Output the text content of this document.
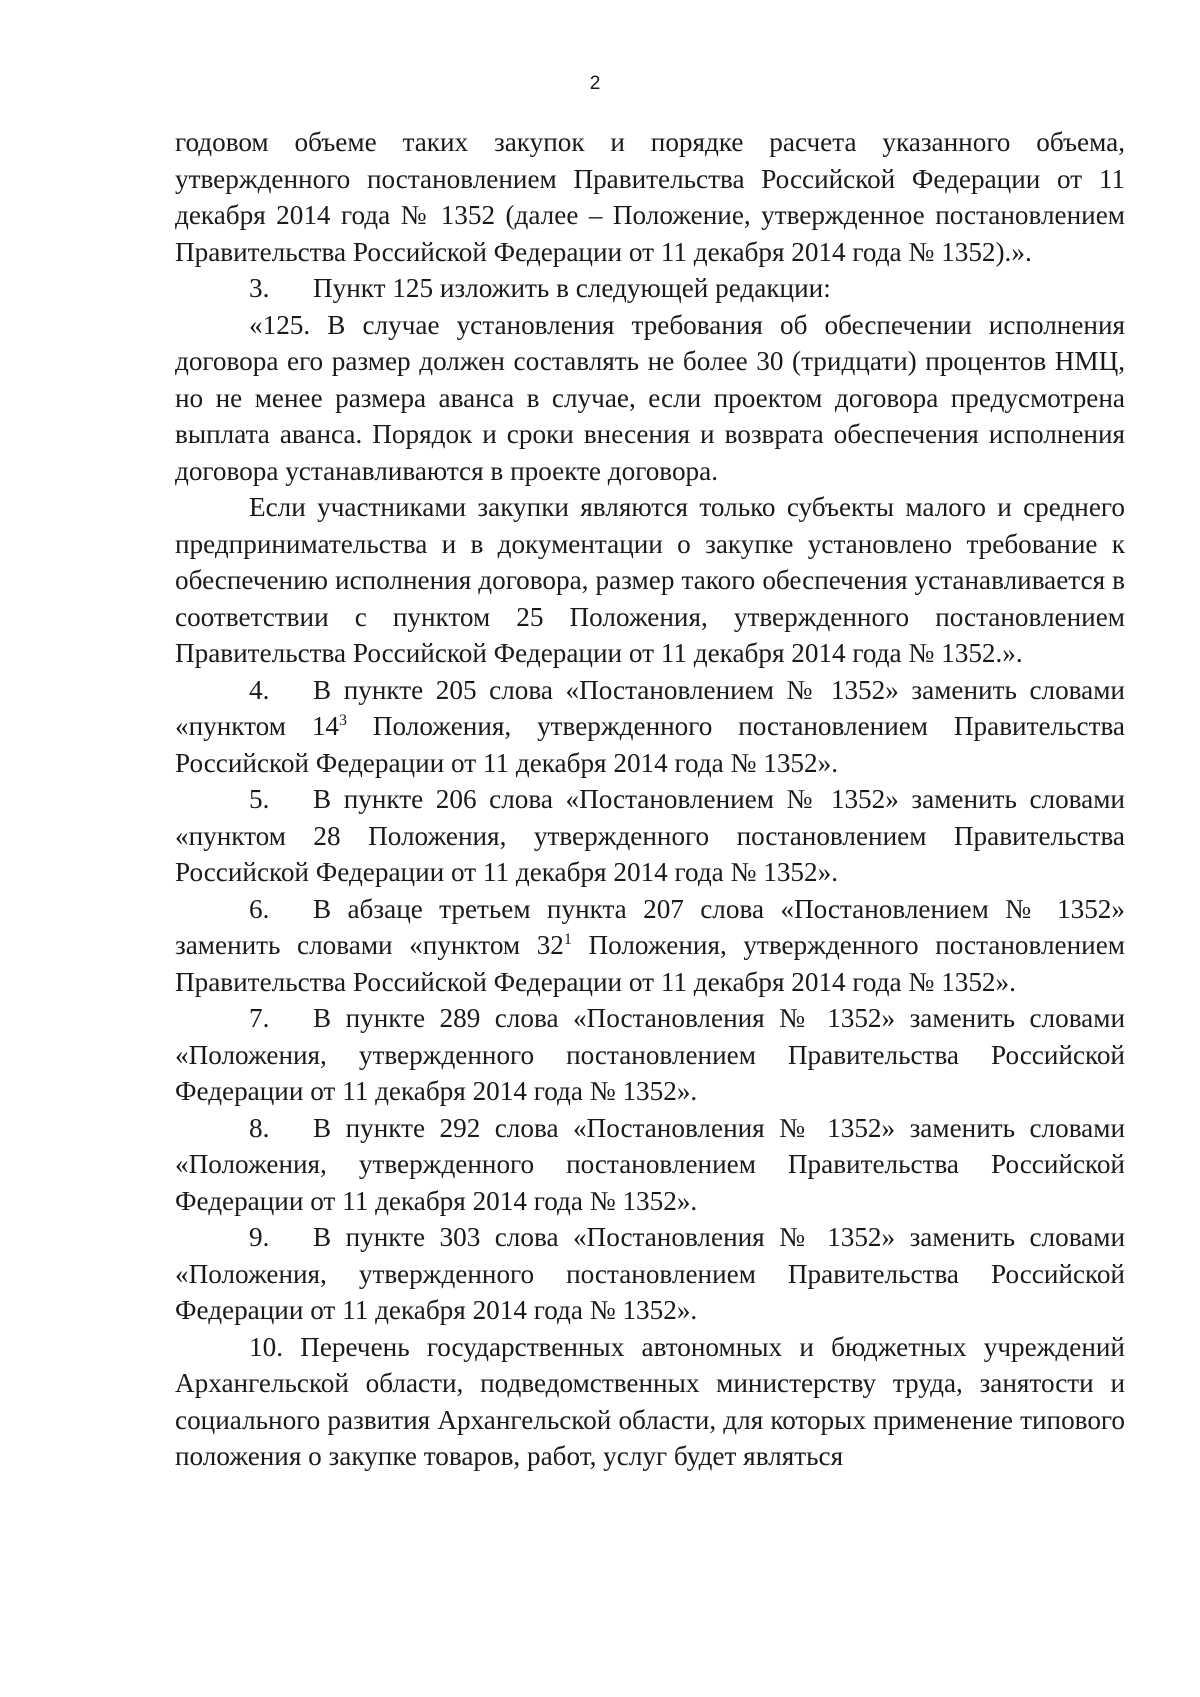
2

годовом объеме таких закупок и порядке расчета указанного объема, утвержденного постановлением Правительства Российской Федерации от 11 декабря 2014 года № 1352 (далее – Положение, утвержденное постановлением Правительства Российской Федерации от 11 декабря 2014 года № 1352).».

3. Пункт 125 изложить в следующей редакции:

«125. В случае установления требования об обеспечении исполнения договора его размер должен составлять не более 30 (тридцати) процентов НМЦ, но не менее размера аванса в случае, если проектом договора предусмотрена выплата аванса. Порядок и сроки внесения и возврата обеспечения исполнения договора устанавливаются в проекте договора.

Если участниками закупки являются только субъекты малого и среднего предпринимательства и в документации о закупке установлено требование к обеспечению исполнения договора, размер такого обеспечения устанавливается в соответствии с пунктом 25 Положения, утвержденного постановлением Правительства Российской Федерации от 11 декабря 2014 года № 1352.».

4. В пункте 205 слова «Постановлением № 1352» заменить словами «пунктом $14^3$ Положения, утвержденного постановлением Правительства Российской Федерации от 11 декабря 2014 года № 1352».

5. В пункте 206 слова «Постановлением № 1352» заменить словами «пунктом 28 Положения, утвержденного постановлением Правительства Российской Федерации от 11 декабря 2014 года № 1352».

6. В абзаце третьем пункта 207 слова «Постановлением № 1352» заменить словами «пунктом $32^1$ Положения, утвержденного постановлением Правительства Российской Федерации от 11 декабря 2014 года № 1352».

7. В пункте 289 слова «Постановления № 1352» заменить словами «Положения, утвержденного постановлением Правительства Российской Федерации от 11 декабря 2014 года № 1352».

8. В пункте 292 слова «Постановления № 1352» заменить словами «Положения, утвержденного постановлением Правительства Российской Федерации от 11 декабря 2014 года № 1352».

9. В пункте 303 слова «Постановления № 1352» заменить словами «Положения, утвержденного постановлением Правительства Российской Федерации от 11 декабря 2014 года № 1352».

10. Перечень государственных автономных и бюджетных учреждений Архангельской области, подведомственных министерству труда, занятости и социального развития Архангельской области, для которых применение типового положения о закупке товаров, работ, услуг будет являться
